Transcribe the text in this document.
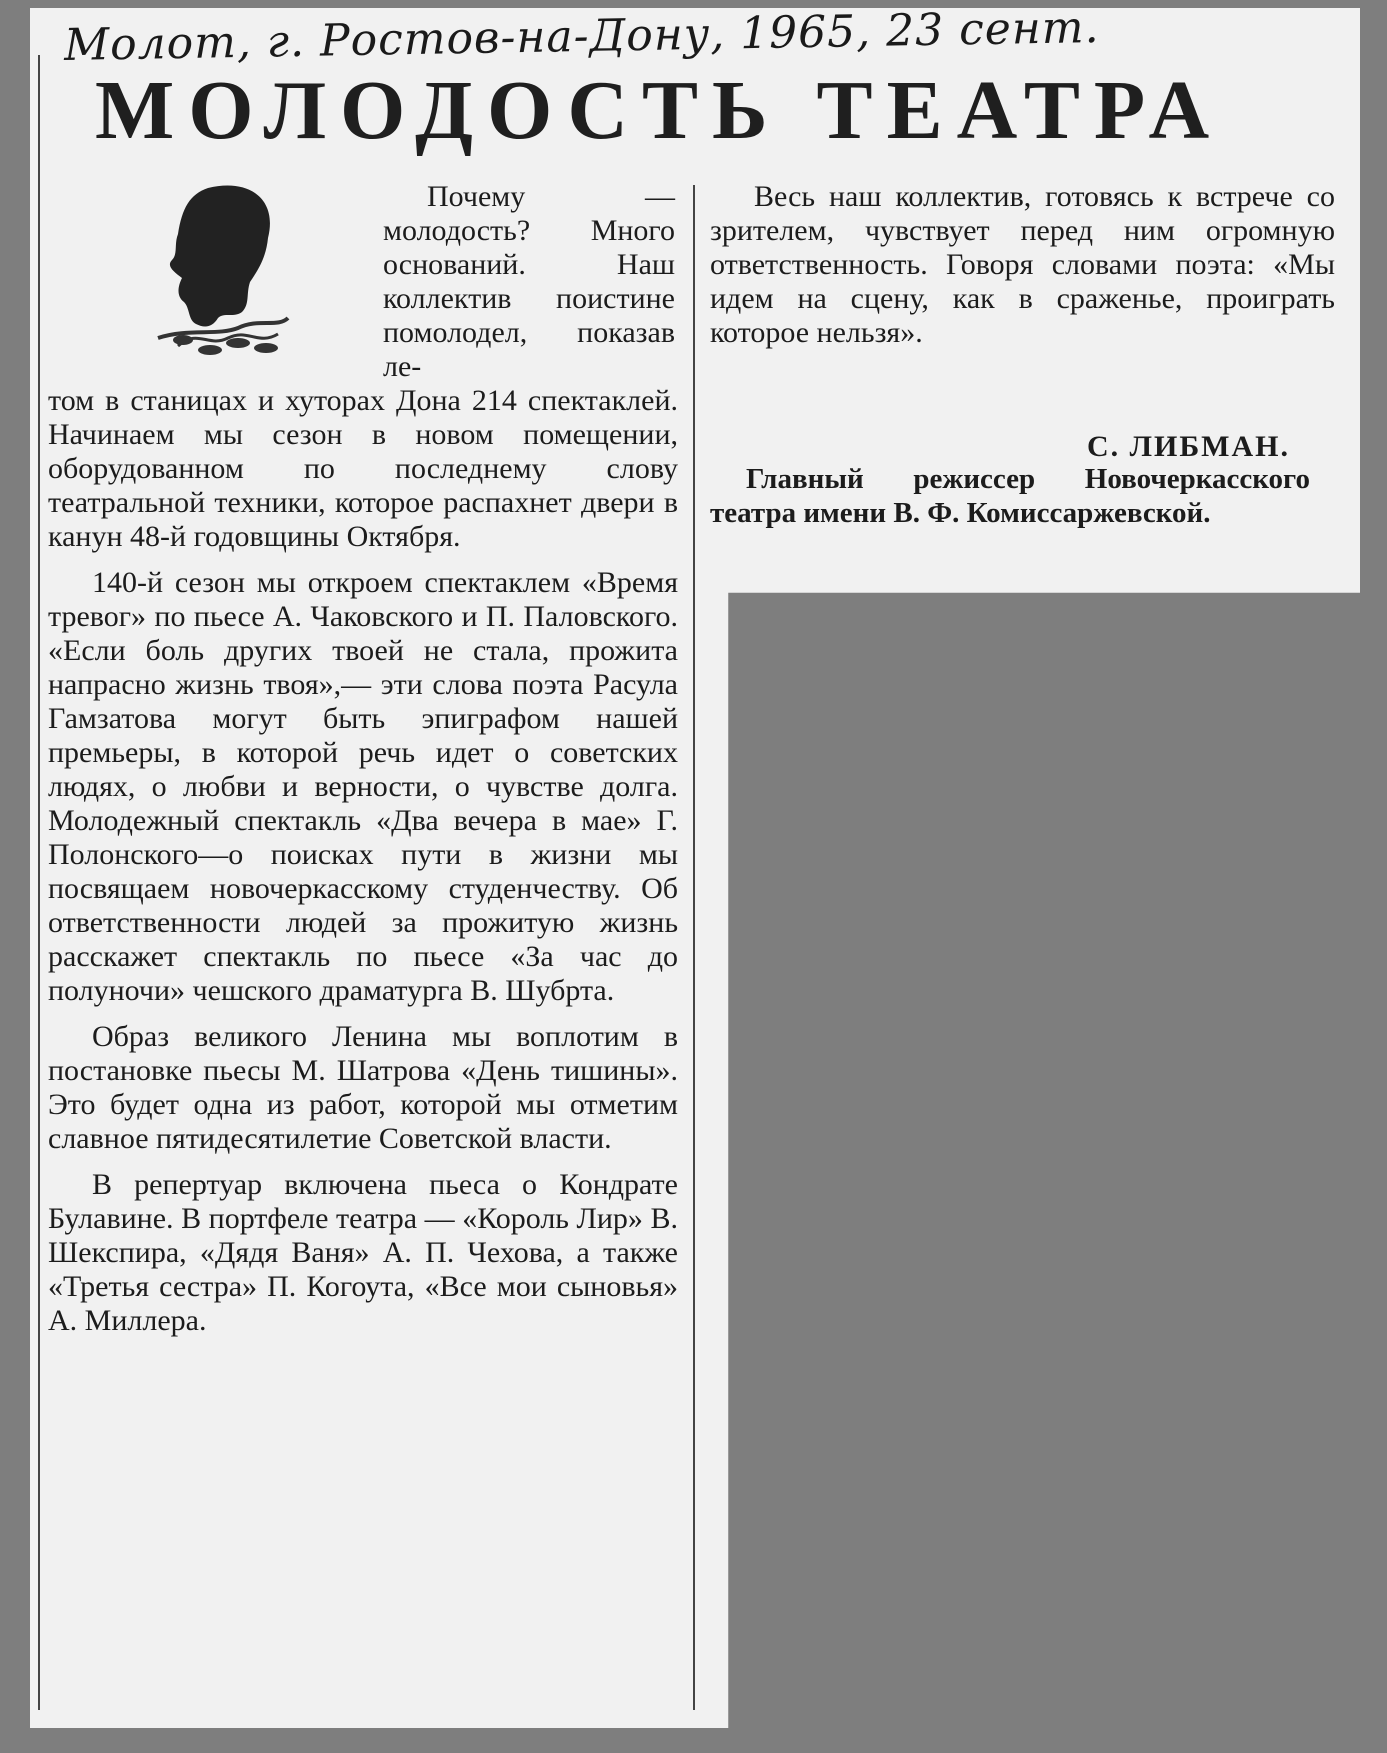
Молот, г. Ростов-на-Дону, 1965, 23 сент.
МОЛОДОСТЬ ТЕАТРА

Почему — молодость? Много оснований. Наш коллектив поистине помолодел, показав ле-

том в станицах и хуторах Дона 214 спектаклей. Начинаем мы сезон в новом помещении, оборудованном по последнему слову театральной техники, которое распахнет двери в канун 48-й годовщины Октября.

140-й сезон мы откроем спектаклем «Время тревог» по пьесе А. Чаковского и П. Паловского. «Если боль других твоей не стала, прожита напрасно жизнь твоя»,— эти слова поэта Расула Гамзатова могут быть эпиграфом нашей премьеры, в которой речь идет о советских людях, о любви и верности, о чувстве долга. Молодежный спектакль «Два вечера в мае» Г. Полонского—о поисках пути в жизни мы посвящаем новочеркасскому студенчеству. Об ответственности людей за прожитую жизнь расскажет спектакль по пьесе «За час до полуночи» чешского драматурга В. Шубрта.

Образ великого Ленина мы воплотим в постановке пьесы М. Шатрова «День тишины». Это будет одна из работ, которой мы отметим славное пятидесятилетие Советской власти.

В репертуар включена пьеса о Кондрате Булавине. В портфеле театра — «Король Лир» В. Шекспира, «Дядя Ваня» А. П. Чехова, а также «Третья сестра» П. Когоута, «Все мои сыновья» А. Миллера.

Весь наш коллектив, готовясь к встрече со зрителем, чувствует перед ним огромную ответственность. Говоря словами поэта: «Мы идем на сцену, как в сраженье, проиграть которое нельзя».

С. ЛИБМАН.
Главный режиссер Новочеркасского театра имени В. Ф. Комиссаржевской.
